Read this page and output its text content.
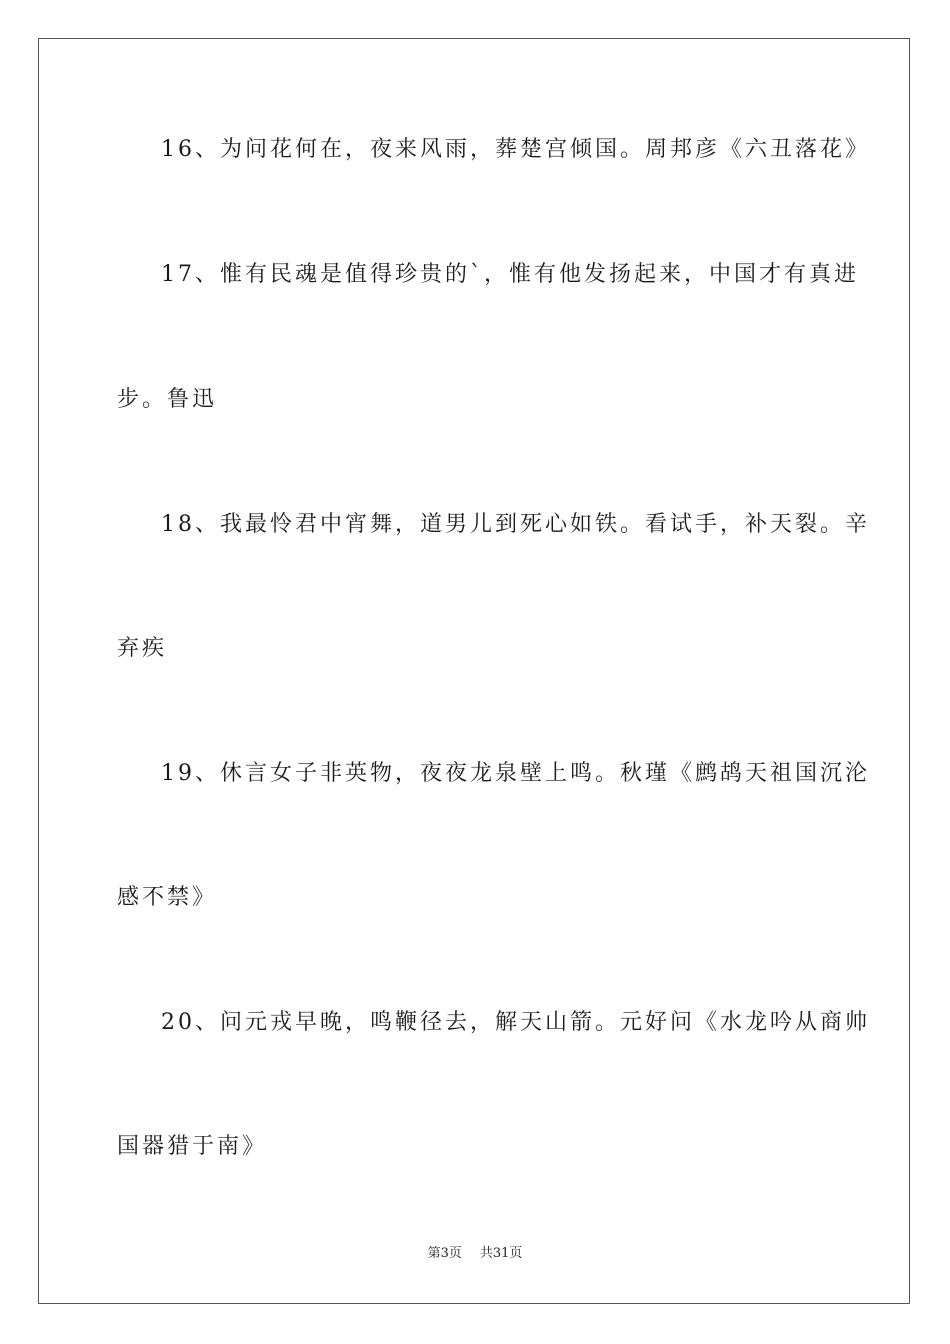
16、为问花何在，夜来风雨，葬楚宫倾国。周邦彦《六丑落花》
17、惟有民魂是值得珍贵的`，惟有他发扬起来，中国才有真进
步。鲁迅
18、我最怜君中宵舞，道男儿到死心如铁。看试手，补天裂。辛
弃疾
19、休言女子非英物，夜夜龙泉壁上鸣。秋瑾《鹧鸪天祖国沉沦
感不禁》
20、问元戎早晚，鸣鞭径去，解天山箭。元好问《水龙吟从商帅
国器猎于南》
第3页 共31页
